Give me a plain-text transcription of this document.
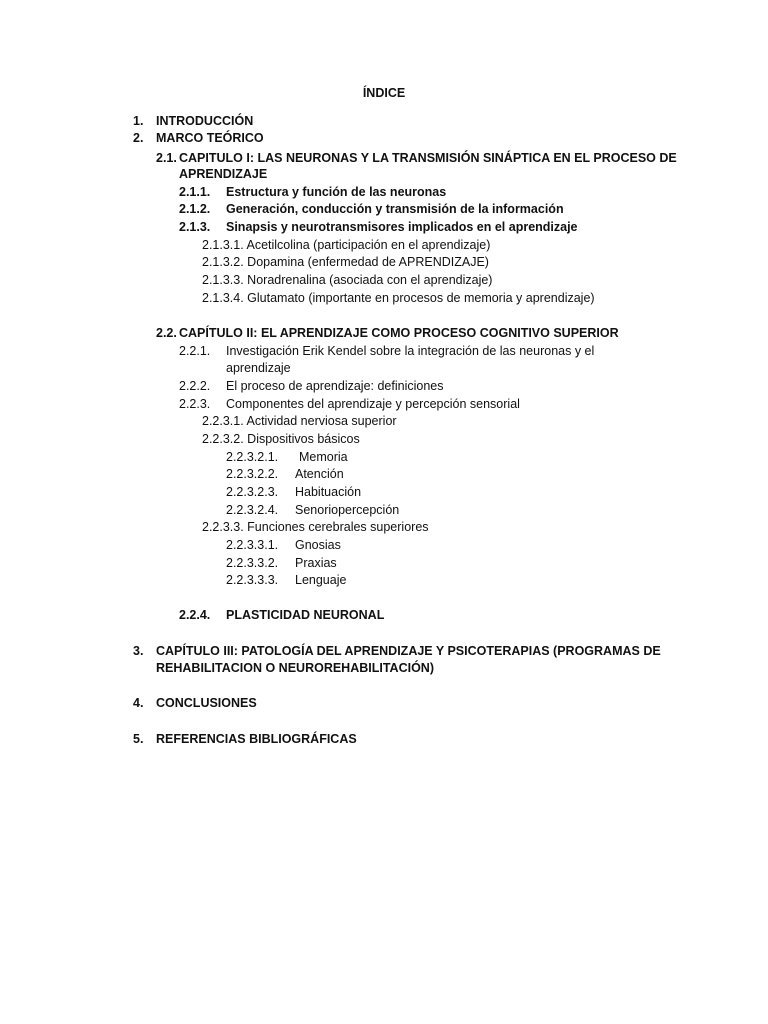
ÍNDICE
1. INTRODUCCIÓN
2. MARCO TEÓRICO
2.1. CAPITULO I: LAS NEURONAS Y LA TRANSMISIÓN SINÁPTICA EN EL PROCESO DE
APRENDIZAJE
2.1.1. Estructura y función de las neuronas
2.1.2. Generación, conducción y transmisión de la información
2.1.3. Sinapsis y neurotransmisores implicados en el aprendizaje
2.1.3.1. Acetilcolina (participación en el aprendizaje)
2.1.3.2. Dopamina (enfermedad de APRENDIZAJE)
2.1.3.3. Noradrenalina (asociada con el aprendizaje)
2.1.3.4. Glutamato (importante en procesos de memoria y aprendizaje)
2.2. CAPÍTULO II: EL APRENDIZAJE COMO PROCESO COGNITIVO SUPERIOR
2.2.1. Investigación Erik Kendel sobre la integración de las neuronas y el
aprendizaje
2.2.2. El proceso de aprendizaje: definiciones
2.2.3. Componentes del aprendizaje y percepción sensorial
2.2.3.1. Actividad nerviosa superior
2.2.3.2. Dispositivos básicos
2.2.3.2.1. Memoria
2.2.3.2.2. Atención
2.2.3.2.3. Habituación
2.2.3.2.4. Senoriopercepción
2.2.3.3. Funciones cerebrales superiores
2.2.3.3.1. Gnosias
2.2.3.3.2. Praxias
2.2.3.3.3. Lenguaje
2.2.4. PLASTICIDAD NEURONAL
3. CAPÍTULO III: PATOLOGÍA DEL APRENDIZAJE Y PSICOTERAPIAS (PROGRAMAS DE
REHABILITACION O NEUROREHABILITACIÓN)
4. CONCLUSIONES
5. REFERENCIAS BIBLIOGRÁFICAS
